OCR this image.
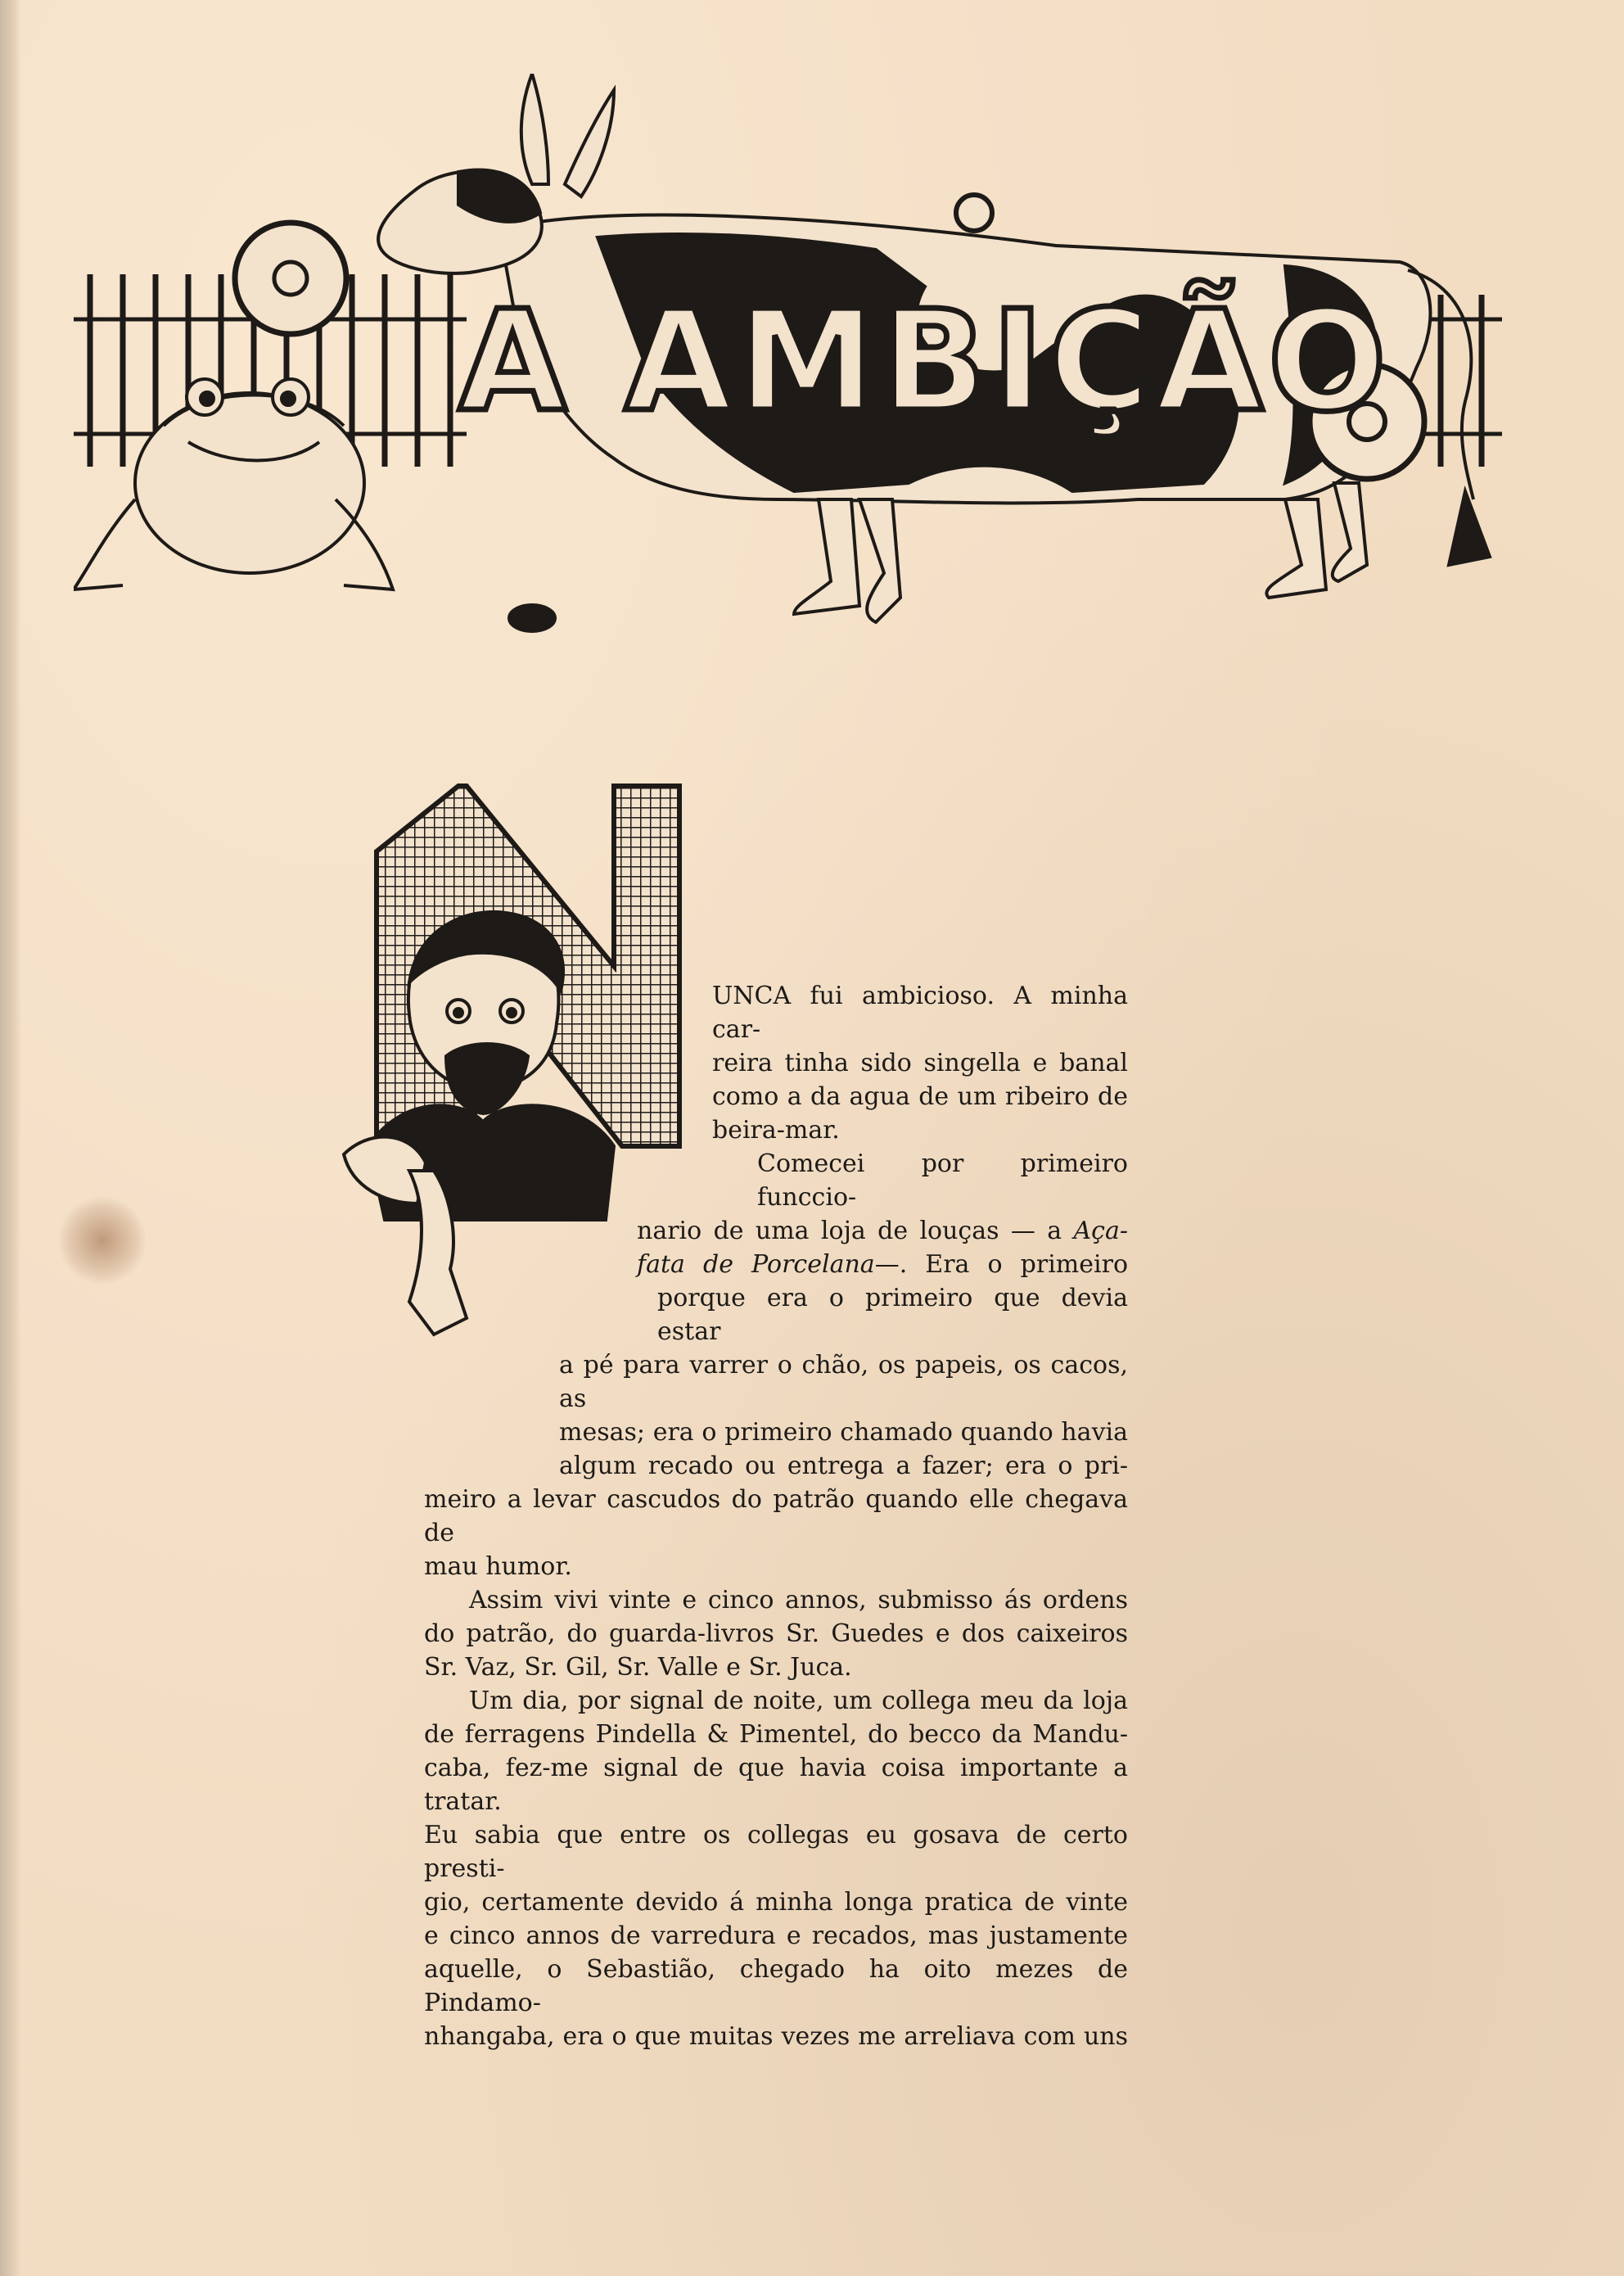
A AMBIÇÃO

UNCA fui ambicioso. A minha car-
reira tinha sido singella e banal
como a da agua de um ribeiro de
beira-mar.

Comecei por primeiro funccio-
nario de uma loja de louças — a Aça-
fata de Porcelana—. Era o primeiro
porque era o primeiro que devia estar
a pé para varrer o chão, os papeis, os cacos, as
mesas; era o primeiro chamado quando havia
algum recado ou entrega a fazer; era o pri-
meiro a levar cascudos do patrão quando elle chegava de
mau humor.

Assim vivi vinte e cinco annos, submisso ás ordens
do patrão, do guarda-livros Sr. Guedes e dos caixeiros
Sr. Vaz, Sr. Gil, Sr. Valle e Sr. Juca.

Um dia, por signal de noite, um collega meu da loja
de ferragens Pindella & Pimentel, do becco da Mandu-
caba, fez-me signal de que havia coisa importante a tratar.
Eu sabia que entre os collegas eu gosava de certo presti-
gio, certamente devido á minha longa pratica de vinte
e cinco annos de varredura e recados, mas justamente
aquelle, o Sebastião, chegado ha oito mezes de Pindamo-
nhangaba, era o que muitas vezes me arreliava com uns
